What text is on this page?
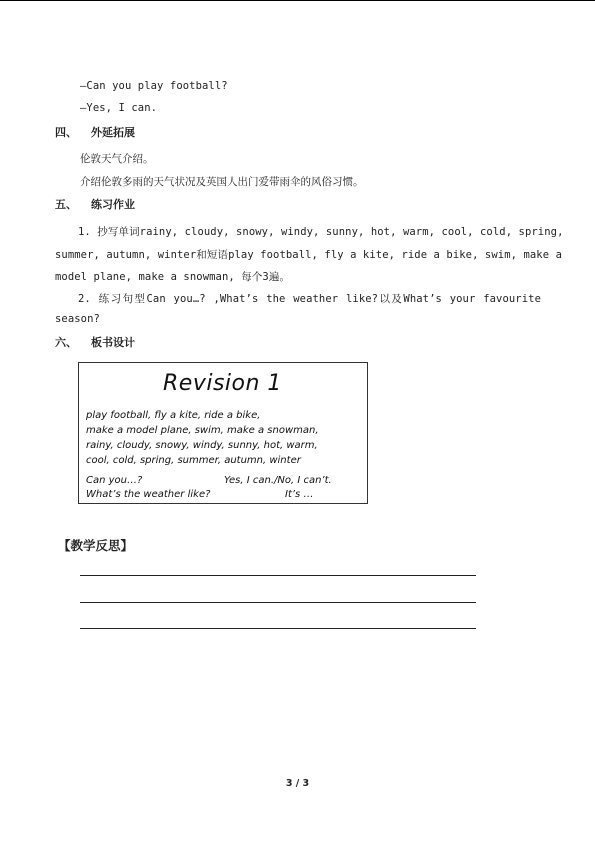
—Can you play football?
—Yes, I can.
四、 外延拓展
伦敦天气介绍。
介绍伦敦多雨的天气状况及英国人出门爱带雨伞的风俗习惯。
五、 练习作业
1. 抄写单词rainy, cloudy, snowy, windy, sunny, hot, warm, cool, cold, spring,
summer, autumn, winter和短语play football, fly a kite, ride a bike, swim, make a
model plane, make a snowman, 每个3遍。
2. 练习句型Can you…? ,What’s the weather like?以及What’s your favourite
season?
六、 板书设计
Revision 1
play football, fly a kite, ride a bike,
make a model plane, swim, make a snowman,
rainy, cloudy, snowy, windy, sunny, hot, warm,
cool, cold, spring, summer, autumn, winter
Can you…?	Yes, I can./No, I can’t.
What’s the weather like?	It’s …
【教学反思】
3 / 3
